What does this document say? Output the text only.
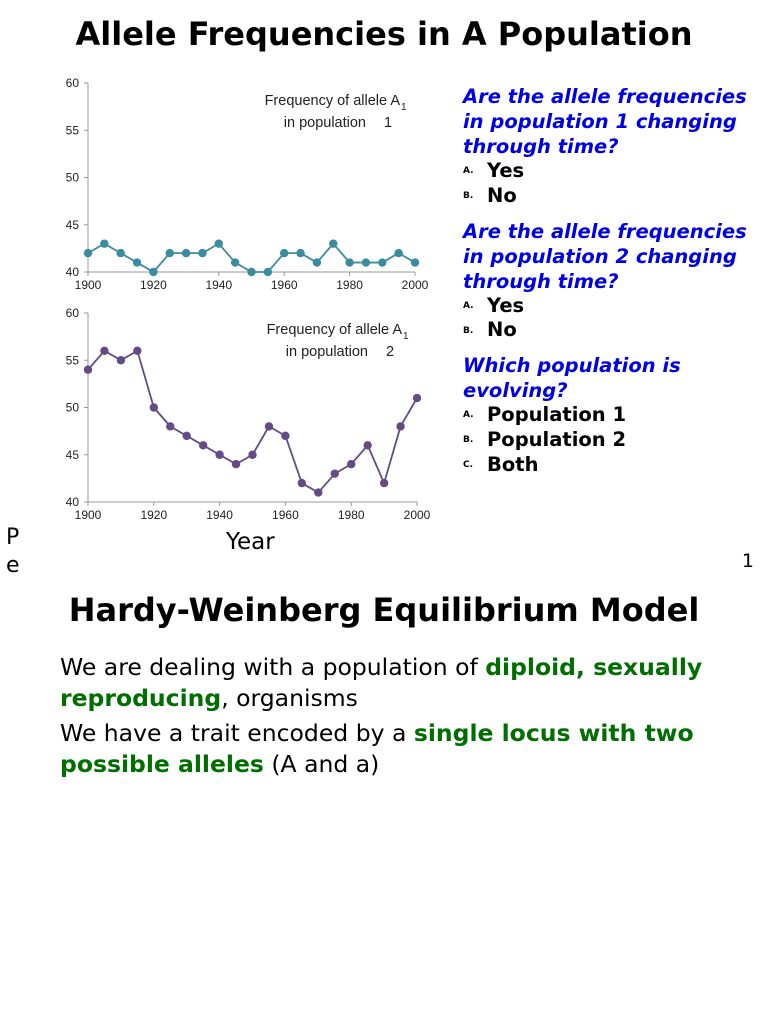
Allele Frequencies in A Population
40
45
50
55
60
1900	1920	1940	1960	1980	2000
Frequency of allele A 1
in population 1
40
45
50
55
60
1900	1920	1940	1960	1980	2000
Frequency of allele A 1
in population 2
Year
Are the allele frequencies in population 1 changing through time?
A. Yes
B. No
Are the allele frequencies in population 2 changing through time?
A. Yes
B. No
Which population is evolving?
A. Population 1
B. Population 2
C. Both
Pe	1
Hardy-Weinberg Equilibrium Model

We are dealing with a population of diploid, sexually reproducing, organisms

We have a trait encoded by a single locus with two possible alleles (A and a)
